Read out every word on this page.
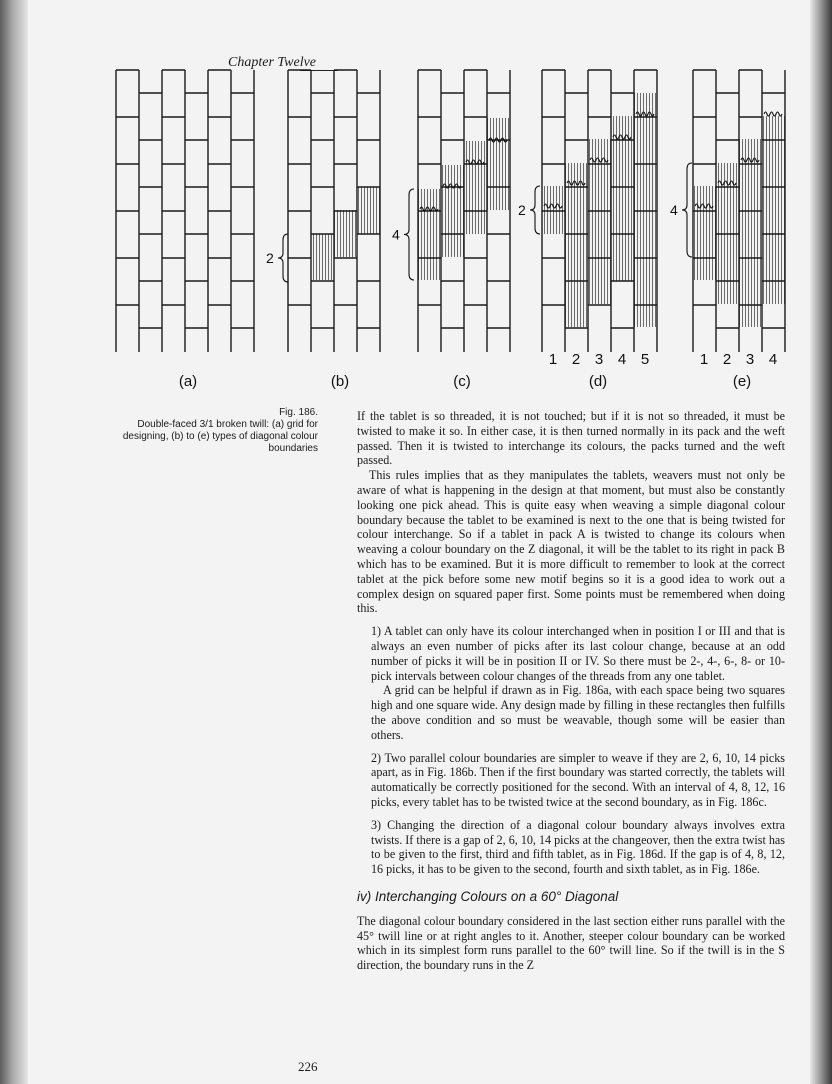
Chapter Twelve
2
4
2	4
(a)	(b)	(c)	(d)	(e)
1 2 3 4 5	1 2 3 4
Fig. 186.
Double-faced 3/1 broken twill: (a) grid for designing, (b) to (e) types of diagonal colour boundaries

If the tablet is so threaded, it is not touched; but if it is not so threaded, it must be twisted to make it so. In either case, it is then turned normally in its pack and the weft passed. Then it is twisted to interchange its colours, the packs turned and the weft passed.

This rules implies that as they manipulates the tablets, weavers must not only be aware of what is happening in the design at that moment, but must also be constantly looking one pick ahead. This is quite easy when weaving a simple diagonal colour boundary because the tablet to be examined is next to the one that is being twisted for colour interchange. So if a tablet in pack A is twisted to change its colours when weaving a colour boundary on the Z diagonal, it will be the tablet to its right in pack B which has to be examined. But it is more difficult to remember to look at the correct tablet at the pick before some new motif begins so it is a good idea to work out a complex design on squared paper first. Some points must be remembered when doing this.

1) A tablet can only have its colour interchanged when in position I or III and that is always an even number of picks after its last colour change, because at an odd number of picks it will be in position II or IV. So there must be 2-, 4-, 6-, 8- or 10-pick intervals between colour changes of the threads from any one tablet.

A grid can be helpful if drawn as in Fig. 186a, with each space being two squares high and one square wide. Any design made by filling in these rectangles then fulfills the above condition and so must be weavable, though some will be easier than others.

2) Two parallel colour boundaries are simpler to weave if they are 2, 6, 10, 14 picks apart, as in Fig. 186b. Then if the first boundary was started correctly, the tablets will automatically be correctly positioned for the second. With an interval of 4, 8, 12, 16 picks, every tablet has to be twisted twice at the second boundary, as in Fig. 186c.

3) Changing the direction of a diagonal colour boundary always involves extra twists. If there is a gap of 2, 6, 10, 14 picks at the changeover, then the extra twist has to be given to the first, third and fifth tablet, as in Fig. 186d. If the gap is of 4, 8, 12, 16 picks, it has to be given to the second, fourth and sixth tablet, as in Fig. 186e.

iv) Interchanging Colours on a 60° Diagonal

The diagonal colour boundary considered in the last section either runs parallel with the 45° twill line or at right angles to it. Another, steeper colour boundary can be worked which in its simplest form runs parallel to the 60° twill line. So if the twill is in the S direction, the boundary runs in the Z

226
